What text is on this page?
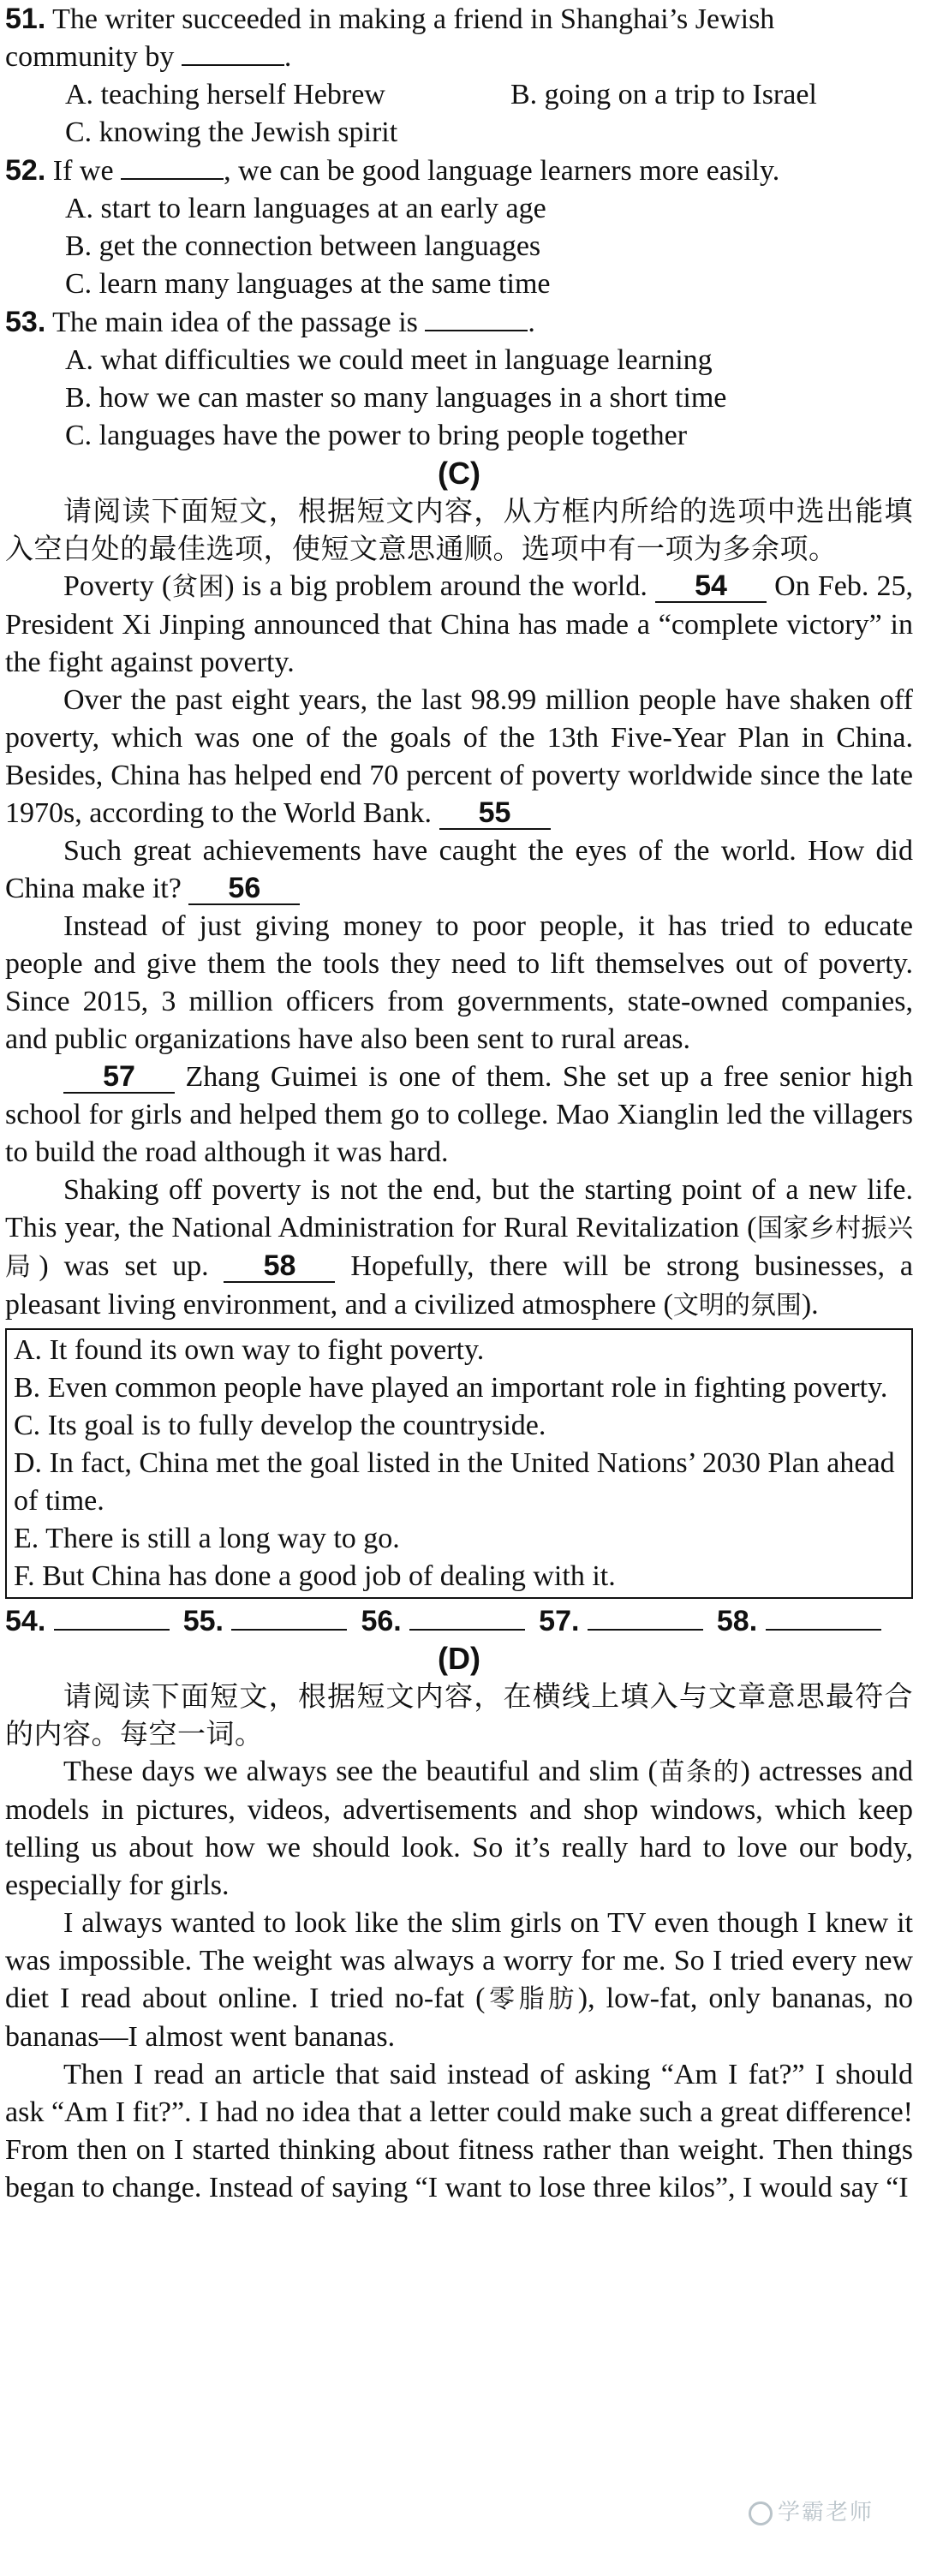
51. The writer succeeded in making a friend in Shanghai’s Jewish community by	.
A. teaching herself Hebrew	B. going on a trip to Israel
C. knowing the Jewish spirit
52. If we	, we can be good language learners more easily.
A. start to learn languages at an early age
B. get the connection between languages
C. learn many languages at the same time
53. The main idea of the passage is	.
A. what difficulties we could meet in language learning
B. how we can master so many languages in a short time
C. languages have the power to bring people together
(C)

请阅读下面短文，根据短文内容，从方框内所给的选项中选出能填入空白处的最佳选项，使短文意思通顺。选项中有一项为多余项。

Poverty (贫困) is a big problem around the world. 54 On Feb. 25, President Xi Jinping announced that China has made a “complete victory” in the fight against poverty.

Over the past eight years, the last 98.99 million people have shaken off poverty, which was one of the goals of the 13th Five-Year Plan in China. Besides, China has helped end 70 percent of poverty worldwide since the late 1970s, according to the World Bank. 55

Such great achievements have caught the eyes of the world. How did China make it? 56

Instead of just giving money to poor people, it has tried to educate people and give them the tools they need to lift themselves out of poverty. Since 2015, 3 million officers from governments, state-owned companies, and public organizations have also been sent to rural areas.

57 Zhang Guimei is one of them. She set up a free senior high school for girls and helped them go to college. Mao Xianglin led the villagers to build the road although it was hard.

Shaking off poverty is not the end, but the starting point of a new life. This year, the National Administration for Rural Revitalization (国家乡村振兴局) was set up. 58 Hopefully, there will be strong businesses, a pleasant living environment, and a civilized atmosphere (文明的氛围).

A. It found its own way to fight poverty.
B. Even common people have played an important role in fighting poverty.
C. Its goal is to fully develop the countryside.
D. In fact, China met the goal listed in the United Nations’ 2030 Plan ahead of time.
E. There is still a long way to go.
F. But China has done a good job of dealing with it.
54.	55.	56.	57.	58.
(D)

请阅读下面短文，根据短文内容，在横线上填入与文章意思最符合的内容。每空一词。

These days we always see the beautiful and slim (苗条的) actresses and models in pictures, videos, advertisements and shop windows, which keep telling us about how we should look. So it’s really hard to love our body, especially for girls.

I always wanted to look like the slim girls on TV even though I knew it was impossible. The weight was always a worry for me. So I tried every new diet I read about online. I tried no-fat (零脂肪), low-fat, only bananas, no bananas—I almost went bananas.

Then I read an article that said instead of asking “Am I fat?” I should ask “Am I fit?”. I had no idea that a letter could make such a great difference! From then on I started thinking about fitness rather than weight. Then things began to change. Instead of saying “I want to lose three kilos”, I would say “I

学霸老师
